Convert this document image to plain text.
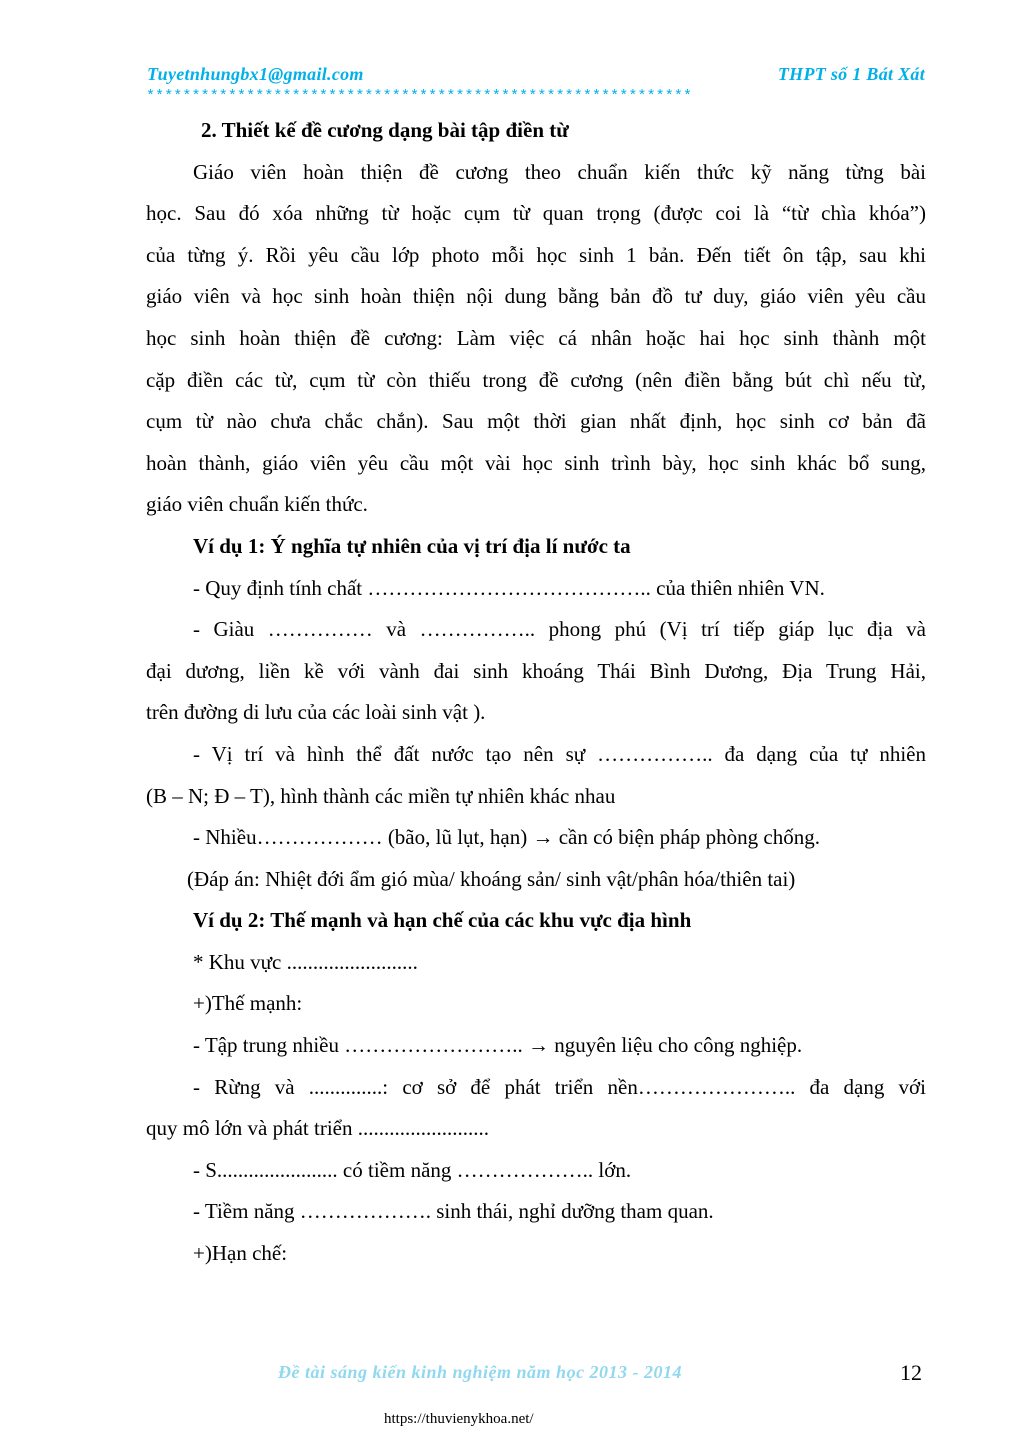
Tuyetnhungbx1@gmail.com	THPT số 1 Bát Xát
************************************************************

2. Thiết kế đề cương dạng bài tập điền từ

Giáo viên hoàn thiện đề cương theo chuẩn kiến thức kỹ năng từng bài

học. Sau đó xóa những từ hoặc cụm từ quan trọng (được coi là “từ chìa khóa”)

của từng ý. Rồi yêu cầu lớp photo mỗi học sinh 1 bản. Đến tiết ôn tập, sau khi

giáo viên và học sinh hoàn thiện nội dung bằng bản đồ tư duy, giáo viên yêu cầu

học sinh hoàn thiện đề cương: Làm việc cá nhân hoặc hai học sinh thành một

cặp điền các từ, cụm từ còn thiếu trong đề cương (nên điền bằng bút chì nếu từ,

cụm từ nào chưa chắc chắn). Sau một thời gian nhất định, học sinh cơ bản đã

hoàn thành, giáo viên yêu cầu một vài học sinh trình bày, học sinh khác bổ sung,

giáo viên chuẩn kiến thức.

Ví dụ 1: Ý nghĩa tự nhiên của vị trí địa lí nước ta

- Quy định tính chất ………………………………….. của thiên nhiên VN.

- Giàu …………… và …………….. phong phú (Vị trí tiếp giáp lục địa và

đại dương, liền kề với vành đai sinh khoáng Thái Bình Dương, Địa Trung Hải,

trên đường di lưu của các loài sinh vật ).

- Vị trí và hình thể đất nước tạo nên sự …………….. đa dạng của tự nhiên

(B – N; Đ – T), hình thành các miền tự nhiên khác nhau

- Nhiều……………… (bão, lũ lụt, hạn) → cần có biện pháp phòng chống.

(Đáp án: Nhiệt đới ẩm gió mùa/ khoáng sản/ sinh vật/phân hóa/thiên tai)

Ví dụ 2: Thế mạnh và hạn chế của các khu vực địa hình

* Khu vực .........................

+)Thế mạnh:

- Tập trung nhiều …………………….. → nguyên liệu cho công nghiệp.

- Rừng và ..............: cơ sở để phát triển nền………………….. đa dạng với

quy mô lớn và phát triển .........................

- S....................... có tiềm năng ……………….. lớn.

- Tiềm năng ………………. sinh thái, nghỉ dưỡng tham quan.

+)Hạn chế:

Đề tài sáng kiến kinh nghiệm năm học 2013 - 2014	12
https://thuvienykhoa.net/
